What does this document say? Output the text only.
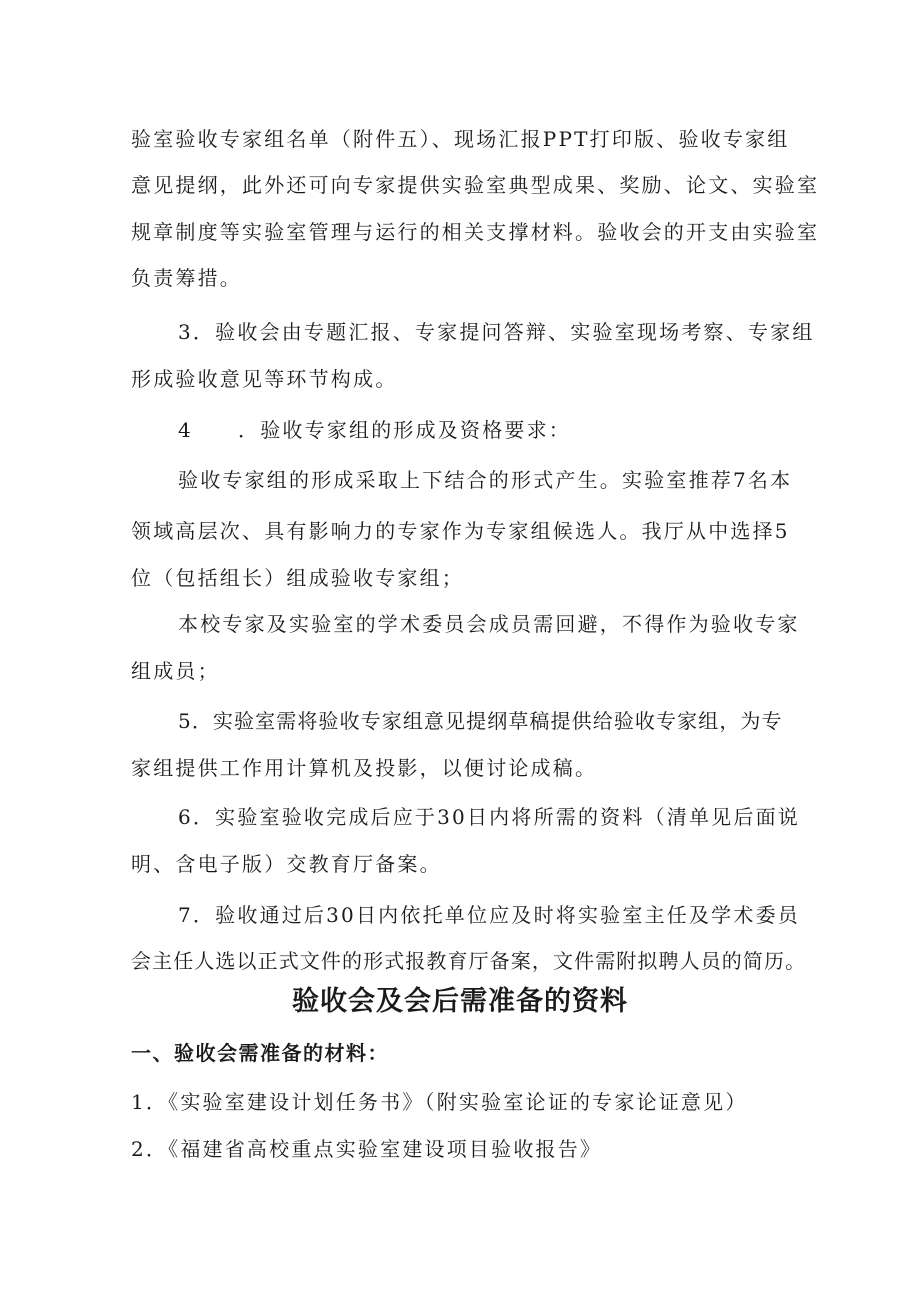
验室验收专家组名单（附件五）、现场汇报PPT打印版、验收专家组
意见提纲，此外还可向专家提供实验室典型成果、奖励、论文、实验室
规章制度等实验室管理与运行的相关支撑材料。验收会的开支由实验室
负责筹措。
3．验收会由专题汇报、专家提问答辩、实验室现场考察、专家组
形成验收意见等环节构成。
4 ．验收专家组的形成及资格要求：
验收专家组的形成采取上下结合的形式产生。实验室推荐7名本
领域高层次、具有影响力的专家作为专家组候选人。我厅从中选择5
位（包括组长）组成验收专家组；
本校专家及实验室的学术委员会成员需回避，不得作为验收专家
组成员；
5．实验室需将验收专家组意见提纲草稿提供给验收专家组，为专
家组提供工作用计算机及投影，以便讨论成稿。
6．实验室验收完成后应于30日内将所需的资料（清单见后面说
明、含电子版）交教育厅备案。
7．验收通过后30日内依托单位应及时将实验室主任及学术委员
会主任人选以正式文件的形式报教育厅备案，文件需附拟聘人员的简历。
验收会及会后需准备的资料
一、验收会需准备的材料：
1．《实验室建设计划任务书》（附实验室论证的专家论证意见）
2．《福建省高校重点实验室建设项目验收报告》
